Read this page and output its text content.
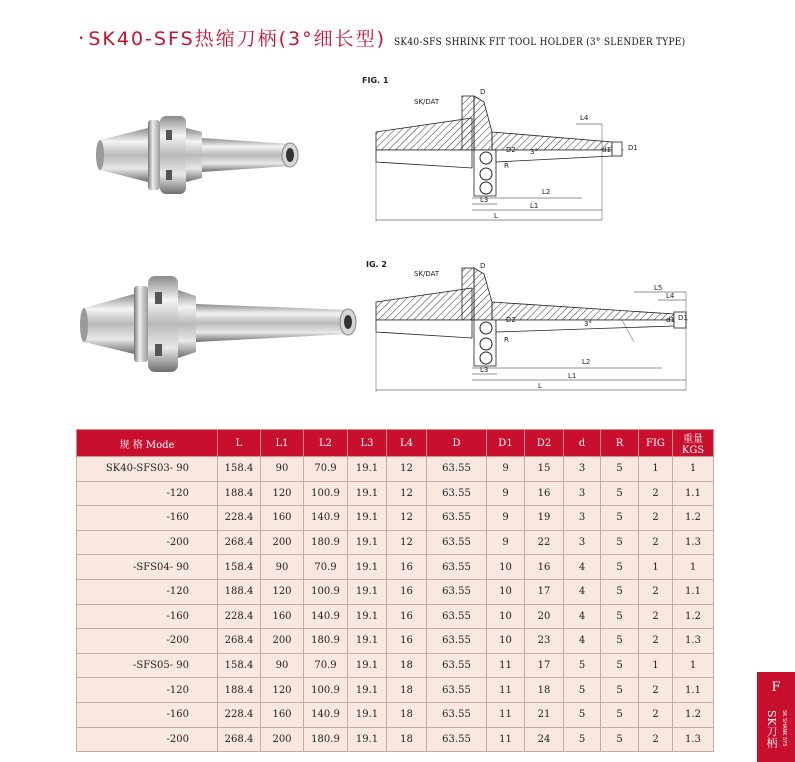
· SK40-SFS热缩刀柄(3°细长型) SK40-SFS SHRINK FIT TOOL HOLDER (3° SLENDER TYPE)
FIG. 1
SK/DAT
D
L4
d1 D1
D2 3°
R
L2
L3
L1
L
IG. 2
SK/DAT
D
L5
L4
d1 D1
D2	3°
R
L2
L3
L1
L
规 格 Mode	L	L1	L2	L3	L4	D	D1	D2	d	R	FIG	重量 KGS
SK40-SFS03- 90	158.4	90	70.9	19.1	12	63.55	9	15	3	5	1	1
-120	188.4	120	100.9	19.1	12	63.55	9	16	3	5	2	1.1
-160	228.4	160	140.9	19.1	12	63.55	9	19	3	5	2	1.2
-200	268.4	200	180.9	19.1	12	63.55	9	22	3	5	2	1.3
-SFS04- 90	158.4	90	70.9	19.1	16	63.55	10	16	4	5	1	1
-120	188.4	120	100.9	19.1	16	63.55	10	17	4	5	2	1.1
-160	228.4	160	140.9	19.1	16	63.55	10	20	4	5	2	1.2
-200	268.4	200	180.9	19.1	16	63.55	10	23	4	5	2	1.3
-SFS05- 90	158.4	90	70.9	19.1	18	63.55	11	17	5	5	1	1
-120	188.4	120	100.9	19.1	18	63.55	11	18	5	5	2	1.1
-160	228.4	160	140.9	19.1	18	63.55	11	21	5	5	2	1.2
-200	268.4	200	180.9	19.1	18	63.55	11	24	5	5	2	1.3
F
SK刀柄 SK SHANK SYS
